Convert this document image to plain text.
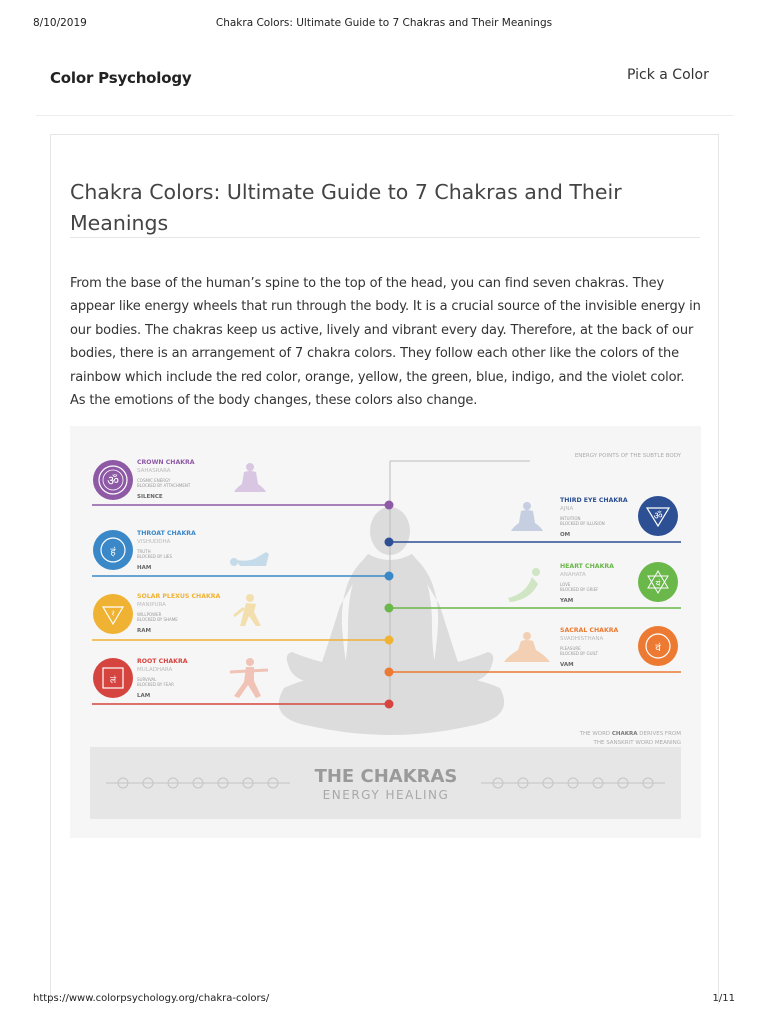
8/10/2019	Chakra Colors: Ultimate Guide to 7 Chakras and Their Meanings
Color Psychology	Pick a Color
Chakra Colors: Ultimate Guide to 7 Chakras and Their Meanings

From the base of the human’s spine to the top of the head, you can find seven chakras. They appear like energy wheels that run through the body. It is a crucial source of the invisible energy in our bodies. The chakras keep us active, lively and vibrant every day. Therefore, at the back of our bodies, there is an arrangement of 7 chakra colors. They follow each other like the colors of the rainbow which include the red color, orange, yellow, the green, blue, indigo, and the violet color. As the emotions of the body changes, these colors also change.

ENERGY POINTS OF THE SUBTLE BODY
ॐ
CROWN CHAKRA
SAHASRARA
COSMIC ENERGY
BLOCKED BY ATTACHMENT
SILENCE
ॐ
THIRD EYE CHAKRA
AJNA
INTUITION
BLOCKED BY ILLUSION
OM
हं
THROAT CHAKRA
VISHUDDHA
TRUTH
BLOCKED BY LIES
HAM
यं
HEART CHAKRA
ANAHATA
LOVE
BLOCKED BY GRIEF
YAM
रं
SOLAR PLEXUS CHAKRA
MANIPURA
WILLPOWER
BLOCKED BY SHAME
RAM
वं
SACRAL CHAKRA
SVADHISTHANA
PLEASURE
BLOCKED BY GUILT
VAM
लं
ROOT CHAKRA
MULADHARA
SURVIVAL
BLOCKED BY FEAR
LAM
THE WORD CHAKRA DERIVES FROM
THE SANSKRIT WORD MEANING
THE CHAKRAS
ENERGY HEALING
https://www.colorpsychology.org/chakra-colors/	1/11
